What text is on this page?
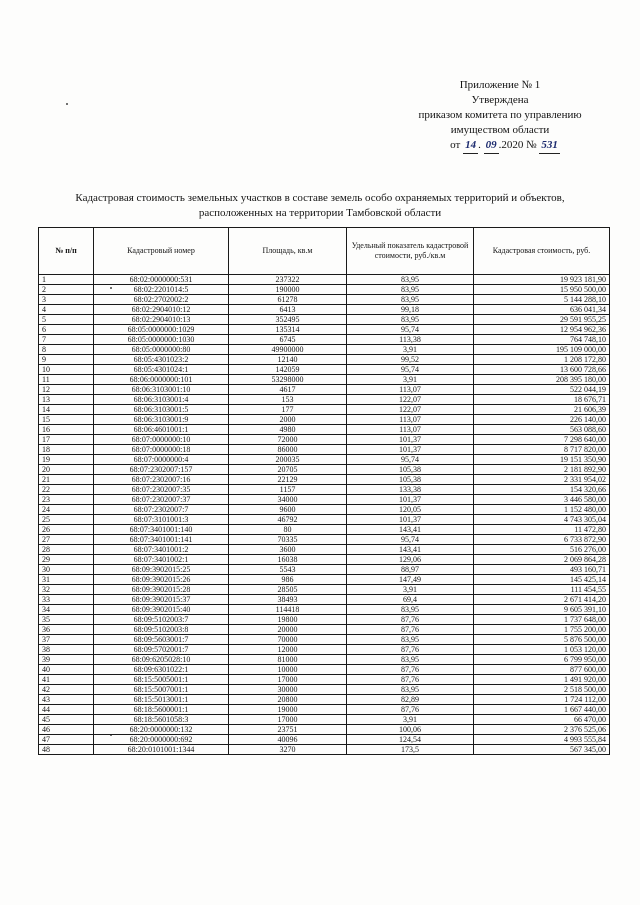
Приложение № 1
Утверждена
приказом комитета по управлению
имуществом области
от 14 . 09 .2020 № 531
Кадастровая стоимость земельных участков в составе земель особо охраняемых территорий и объектов,
расположенных на территории Тамбовской области
№ п/п	Кадастровый номер	Площадь, кв.м	Удельный показатель кадастровой стоимости, руб./кв.м	Кадастровая стоимость, руб.
1	68:02:0000000:531	237322	83,95	19 923 181,90
2	68:02:2201014:5	190000	83,95	15 950 500,00
3	68:02:2702002:2	61278	83,95	5 144 288,10
4	68:02:2904010:12	6413	99,18	636 041,34
5	68:02:2904010:13	352495	83,95	29 591 955,25
6	68:05:0000000:1029	135314	95,74	12 954 962,36
7	68:05:0000000:1030	6745	113,38	764 748,10
8	68:05:0000000:80	49900000	3,91	195 109 000,00
9	68:05:4301023:2	12140	99,52	1 208 172,80
10	68:05:4301024:1	142059	95,74	13 600 728,66
11	68:06:0000000:101	53298000	3,91	208 395 180,00
12	68:06:3103001:10	4617	113,07	522 044,19
13	68:06:3103001:4	153	122,07	18 676,71
14	68:06:3103001:5	177	122,07	21 606,39
15	68:06:3103001:9	2000	113,07	226 140,00
16	68:06:4601001:1	4980	113,07	563 088,60
17	68:07:0000000:10	72000	101,37	7 298 640,00
18	68:07:0000000:18	86000	101,37	8 717 820,00
19	68:07:0000000:4	200035	95,74	19 151 350,90
20	68:07:2302007:157	20705	105,38	2 181 892,90
21	68:07:2302007:16	22129	105,38	2 331 954,02
22	68:07:2302007:35	1157	133,38	154 320,66
23	68:07:2302007:37	34000	101,37	3 446 580,00
24	68:07:2302007:7	9600	120,05	1 152 480,00
25	68:07:3101001:3	46792	101,37	4 743 305,04
26	68:07:3401001:140	80	143,41	11 472,80
27	68:07:3401001:141	70335	95,74	6 733 872,90
28	68:07:3401001:2	3600	143,41	516 276,00
29	68:07:3401002:1	16038	129,06	2 069 864,28
30	68:09:3902015:25	5543	88,97	493 160,71
31	68:09:3902015:26	986	147,49	145 425,14
32	68:09:3902015:28	28505	3,91	111 454,55
33	68:09:3902015:37	38493	69,4	2 671 414,20
34	68:09:3902015:40	114418	83,95	9 605 391,10
35	68:09:5102003:7	19800	87,76	1 737 648,00
36	68:09:5102003:8	20000	87,76	1 755 200,00
37	68:09:5603001:7	70000	83,95	5 876 500,00
38	68:09:5702001:7	12000	87,76	1 053 120,00
39	68:09:6205028:10	81000	83,95	6 799 950,00
40	68:09:6301022:1	10000	87,76	877 600,00
41	68:15:5005001:1	17000	87,76	1 491 920,00
42	68:15:5007001:1	30000	83,95	2 518 500,00
43	68:15:5013001:1	20800	82,89	1 724 112,00
44	68:18:5600001:1	19000	87,76	1 667 440,00
45	68:18:5601058:3	17000	3,91	66 470,00
46	68:20:0000000:132	23751	100,06	2 376 525,06
47	68:20:0000000:692	40096	124,54	4 993 555,84
48	68:20:0101001:1344	3270	173,5	567 345,00
